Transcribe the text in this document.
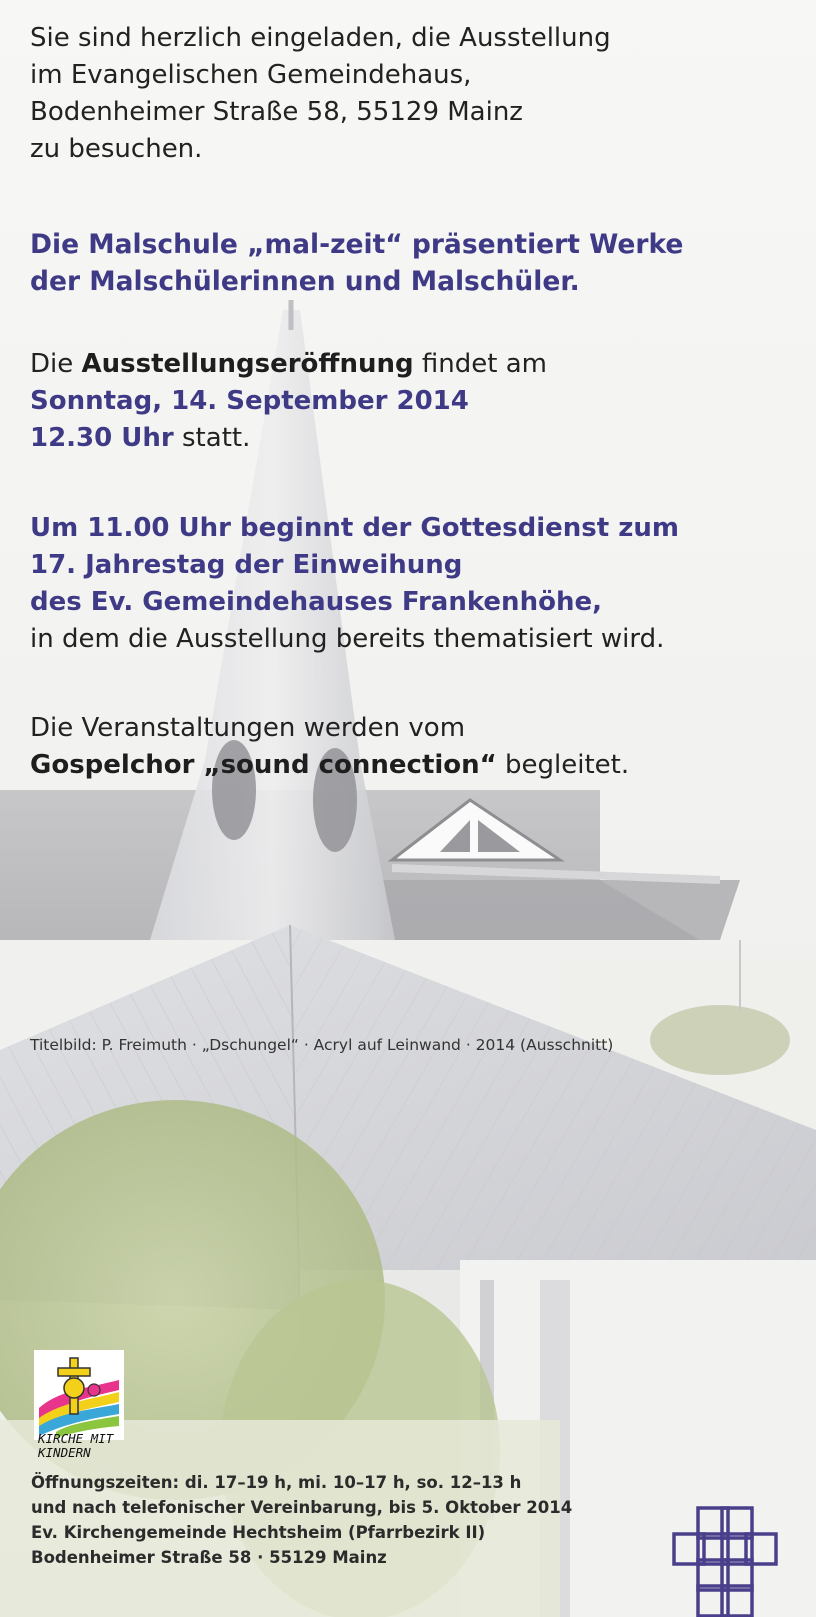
Sie sind herzlich eingeladen, die Ausstellung
im Evangelischen Gemeindehaus,
Bodenheimer Straße 58, 55129 Mainz
zu besuchen.
Die Malschule „mal-zeit“ präsentiert Werke
der Malschülerinnen und Malschüler.
Die Ausstellungseröffnung findet am
Sonntag, 14. September 2014
12.30 Uhr statt.
Um 11.00 Uhr beginnt der Gottesdienst zum
17. Jahrestag der Einweihung
des Ev. Gemeindehauses Frankenhöhe,
in dem die Ausstellung bereits thematisiert wird.
Die Veranstaltungen werden vom
Gospelchor „sound connection“ begleitet.
Titelbild: P. Freimuth · „Dschungel“ · Acryl auf Leinwand · 2014 (Ausschnitt)
KIRCHE MIT
KINDERN
Öffnungszeiten: di. 17–19 h, mi. 10–17 h, so. 12–13 h
und nach telefonischer Vereinbarung, bis 5. Oktober 2014
Ev. Kirchengemeinde Hechtsheim (Pfarrbezirk II)
Bodenheimer Straße 58 · 55129 Mainz
